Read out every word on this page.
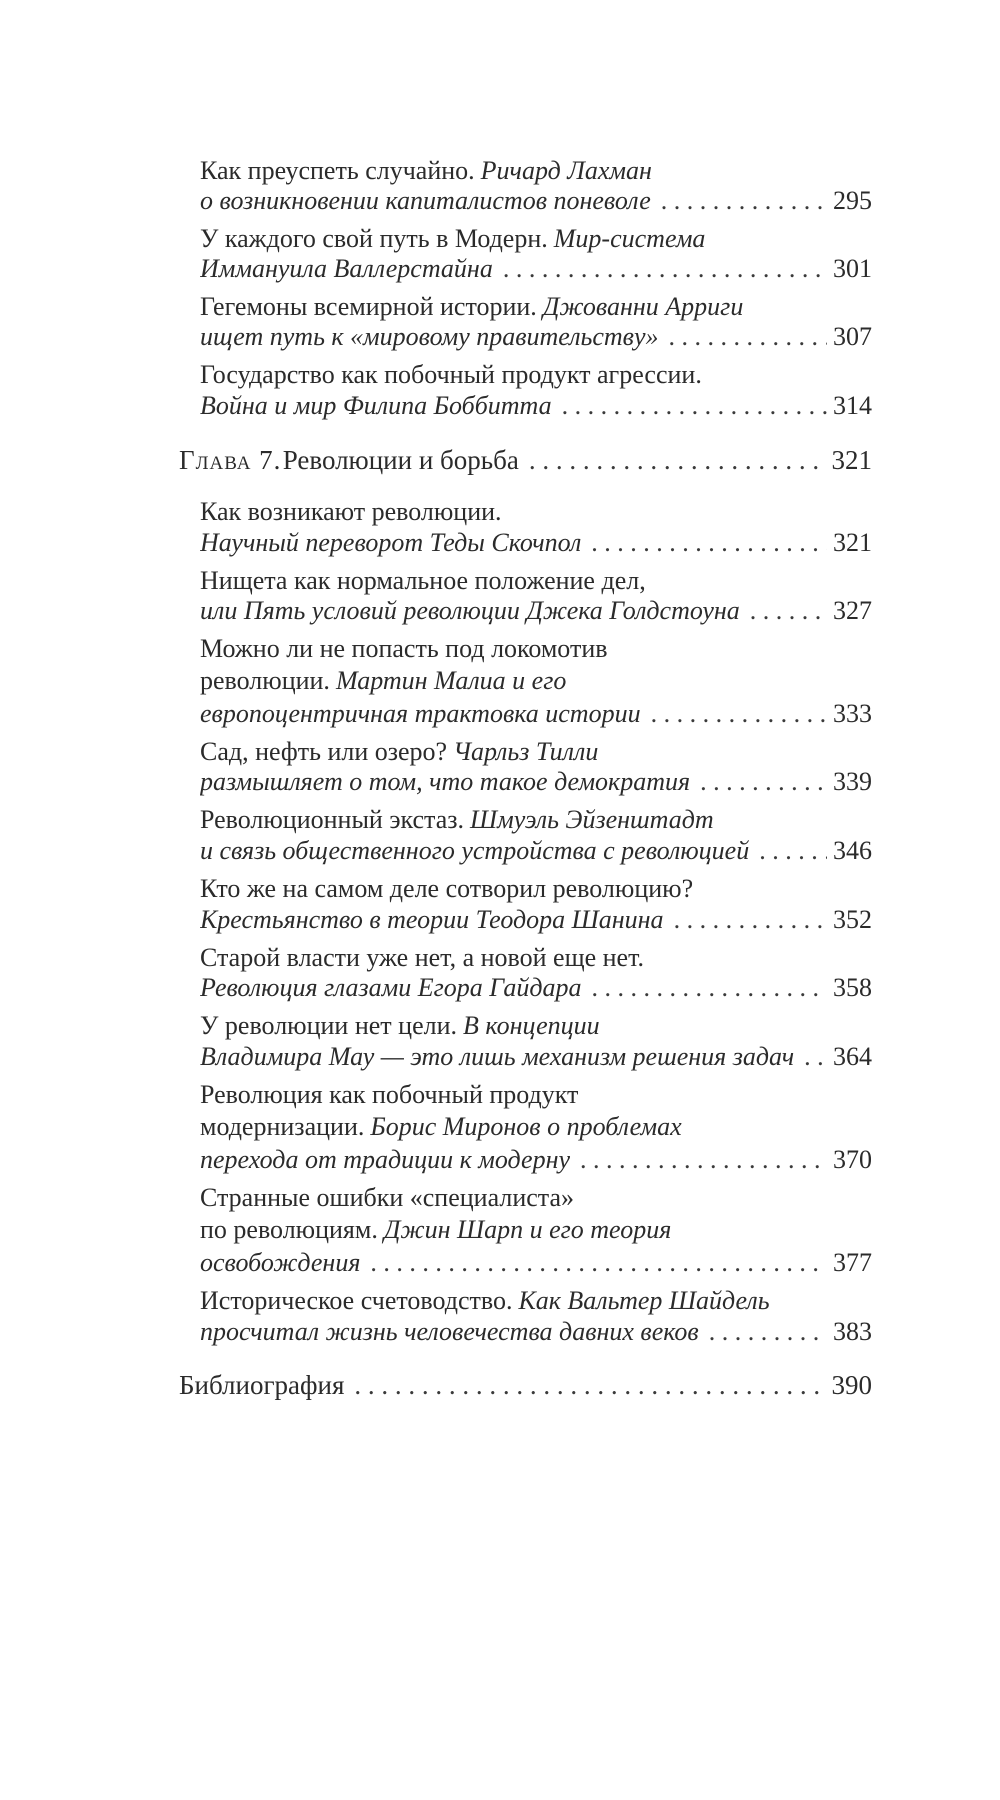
Как преуспеть случайно. Ричард Лахман
о возникновении капиталистов поневоле . . .	295
У каждого свой путь в Модерн. Мир-система
Иммануила Валлерстайна . . .	301
Гегемоны всемирной истории. Джованни Арриги
ищет путь к «мировому правительству» . . .	307
Государство как побочный продукт агрессии.
Война и мир Филипа Боббитта . . .	314
Глава 7. Революции и борьба . . .	321
Как возникают революции.
Научный переворот Теды Скочпол . . .	321
Нищета как нормальное положение дел,
или Пять условий революции Джека Голдстоуна . . .	327
Можно ли не попасть под локомотив
революции. Мартин Малиа и его
европоцентричная трактовка истории . . .	333
Сад, нефть или озеро? Чарльз Тилли
размышляет о том, что такое демократия . . .	339
Революционный экстаз. Шмуэль Эйзенштадт
и связь общественного устройства с революцией . . .	346
Кто же на самом деле сотворил революцию?
Крестьянство в теории Теодора Шанина . . .	352
Старой власти уже нет, а новой еще нет.
Революция глазами Егора Гайдара . . .	358
У революции нет цели. В концепции
Владимира Мау — это лишь механизм решения задач . . . 364
Революция как побочный продукт
модернизации. Борис Миронов о проблемах
перехода от традиции к модерну . . .	370
Странные ошибки «специалиста»
по революциям. Джин Шарп и его теория
освобождения . . .	377
Историческое счетоводство. Как Вальтер Шайдель
просчитал жизнь человечества давних веков . . .	383
Библиография . . .	390
